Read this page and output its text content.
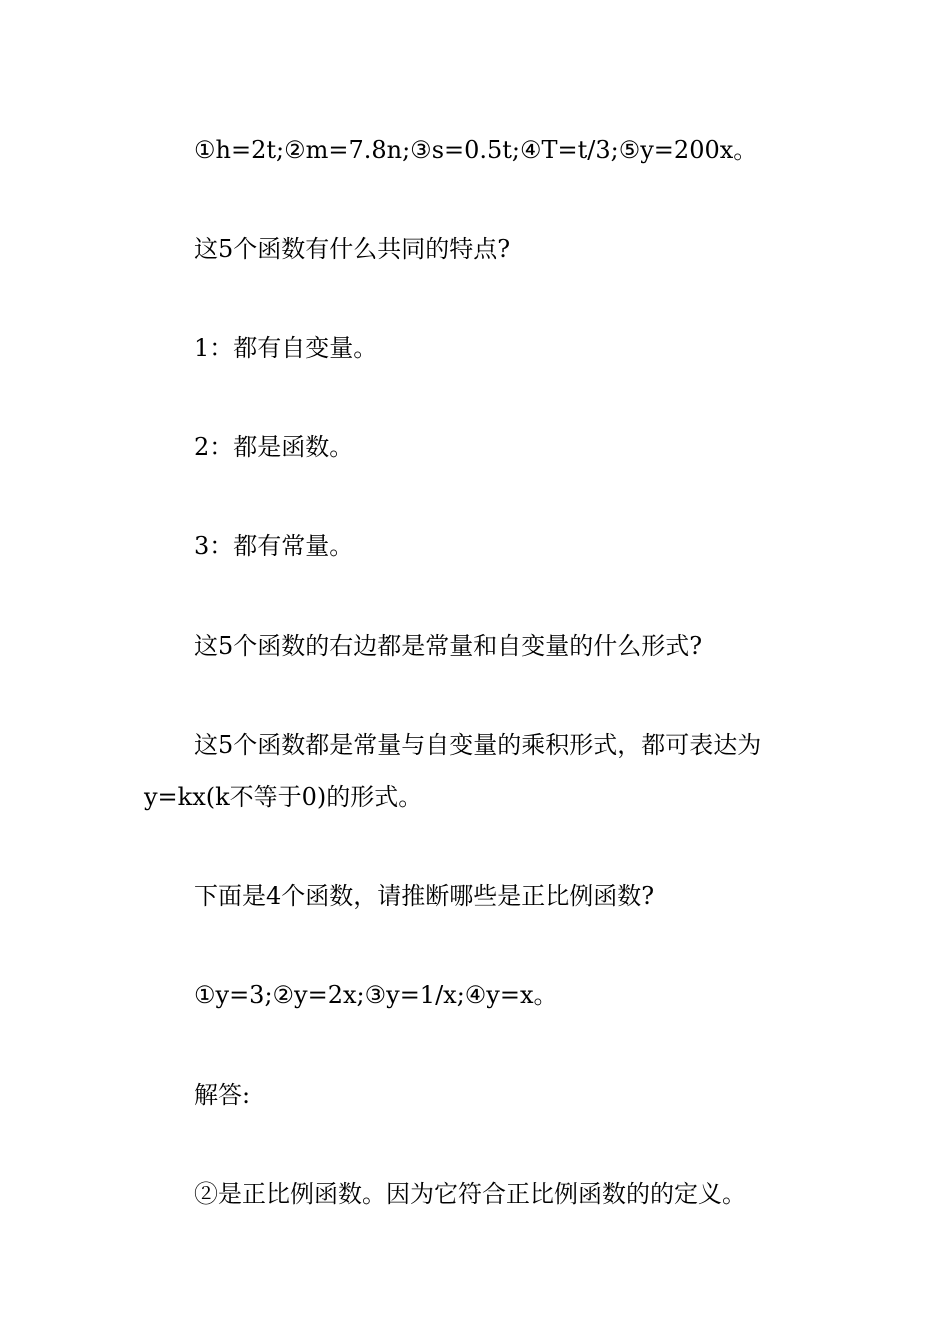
①h=2t;②m=7.8n;③s=0.5t;④T=t/3;⑤y=200x。
这5个函数有什么共同的特点?
1：都有自变量。
2：都是函数。
3：都有常量。
这5个函数的右边都是常量和自变量的什么形式?
这5个函数都是常量与自变量的乘积形式，都可表达为
y=kx(k不等于0)的形式。
下面是4个函数，请推断哪些是正比例函数?
①y=3;②y=2x;③y=1/x;④y=x。
解答:
②是正比例函数。因为它符合正比例函数的的定义。
